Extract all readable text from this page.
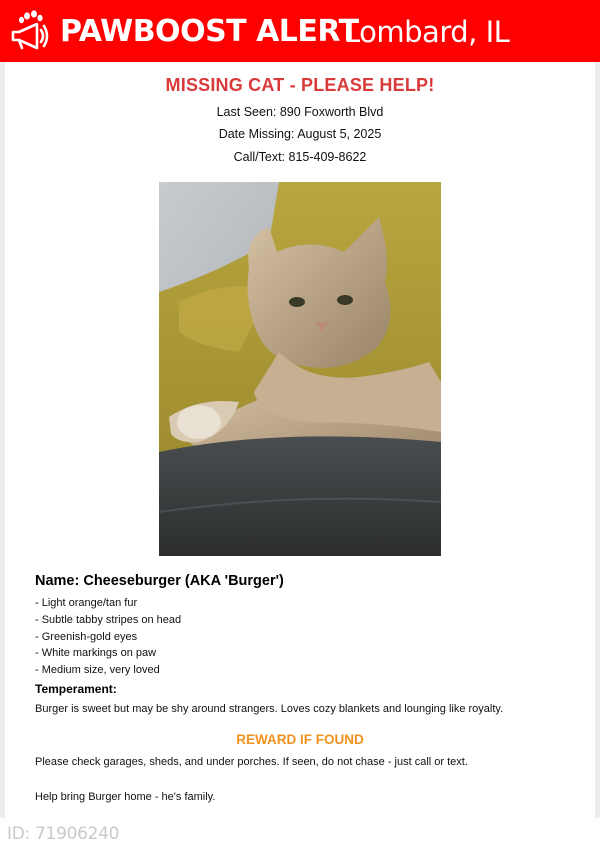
PAWBOOST ALERT
Lombard, IL
MISSING CAT - PLEASE HELP!
Last Seen: 890 Foxworth Blvd
Date Missing: August 5, 2025
Call/Text: 815-409-8622
Name: Cheeseburger (AKA 'Burger')
- Light orange/tan fur
- Subtle tabby stripes on head
- Greenish-gold eyes
- White markings on paw
- Medium size, very loved
Temperament:
Burger is sweet but may be shy around strangers. Loves cozy blankets and lounging like royalty.
REWARD IF FOUND
Please check garages, sheds, and under porches. If seen, do not chase - just call or text.
Help bring Burger home - he's family.
ID: 71906240
